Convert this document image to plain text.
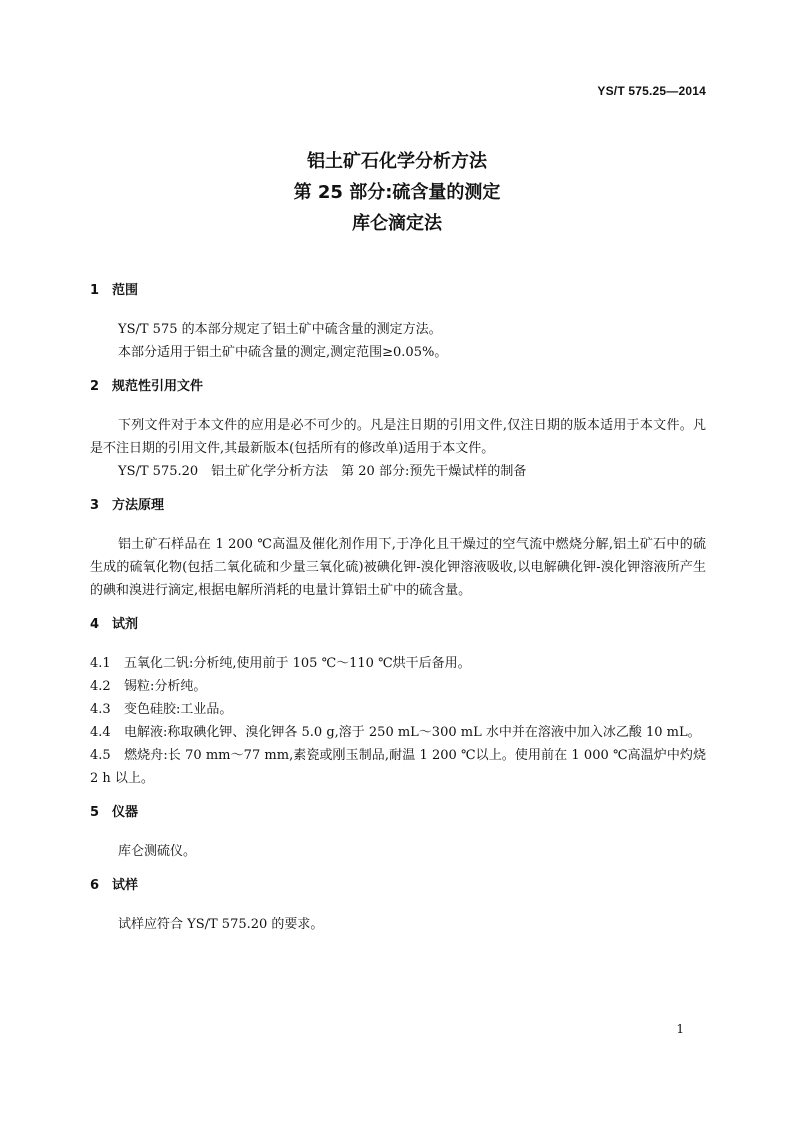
YS/T 575.25—2014
铝土矿石化学分析方法
第 25 部分:硫含量的测定
库仑滴定法
1 范围

YS/T 575 的本部分规定了铝土矿中硫含量的测定方法。

本部分适用于铝土矿中硫含量的测定,测定范围≥0.05%。

2 规范性引用文件

下列文件对于本文件的应用是必不可少的。凡是注日期的引用文件,仅注日期的版本适用于本文件。凡是不注日期的引用文件,其最新版本(包括所有的修改单)适用于本文件。

YS/T 575.20　铝土矿化学分析方法　第 20 部分:预先干燥试样的制备

3 方法原理

铝土矿石样品在 1 200 ℃高温及催化剂作用下,于净化且干燥过的空气流中燃烧分解,铝土矿石中的硫生成的硫氧化物(包括二氧化硫和少量三氧化硫)被碘化钾-溴化钾溶液吸收,以电解碘化钾-溴化钾溶液所产生的碘和溴进行滴定,根据电解所消耗的电量计算铝土矿中的硫含量。

4 试剂

4.1 五氧化二钒:分析纯,使用前于 105 ℃～110 ℃烘干后备用。

4.2 锡粒:分析纯。

4.3 变色硅胶:工业品。

4.4 电解液:称取碘化钾、溴化钾各 5.0 g,溶于 250 mL～300 mL 水中并在溶液中加入冰乙酸 10 mL。

4.5 燃烧舟:长 70 mm～77 mm,素瓷或刚玉制品,耐温 1 200 ℃以上。使用前在 1 000 ℃高温炉中灼烧 2 h 以上。

5 仪器

库仑测硫仪。

6 试样

试样应符合 YS/T 575.20 的要求。

1
